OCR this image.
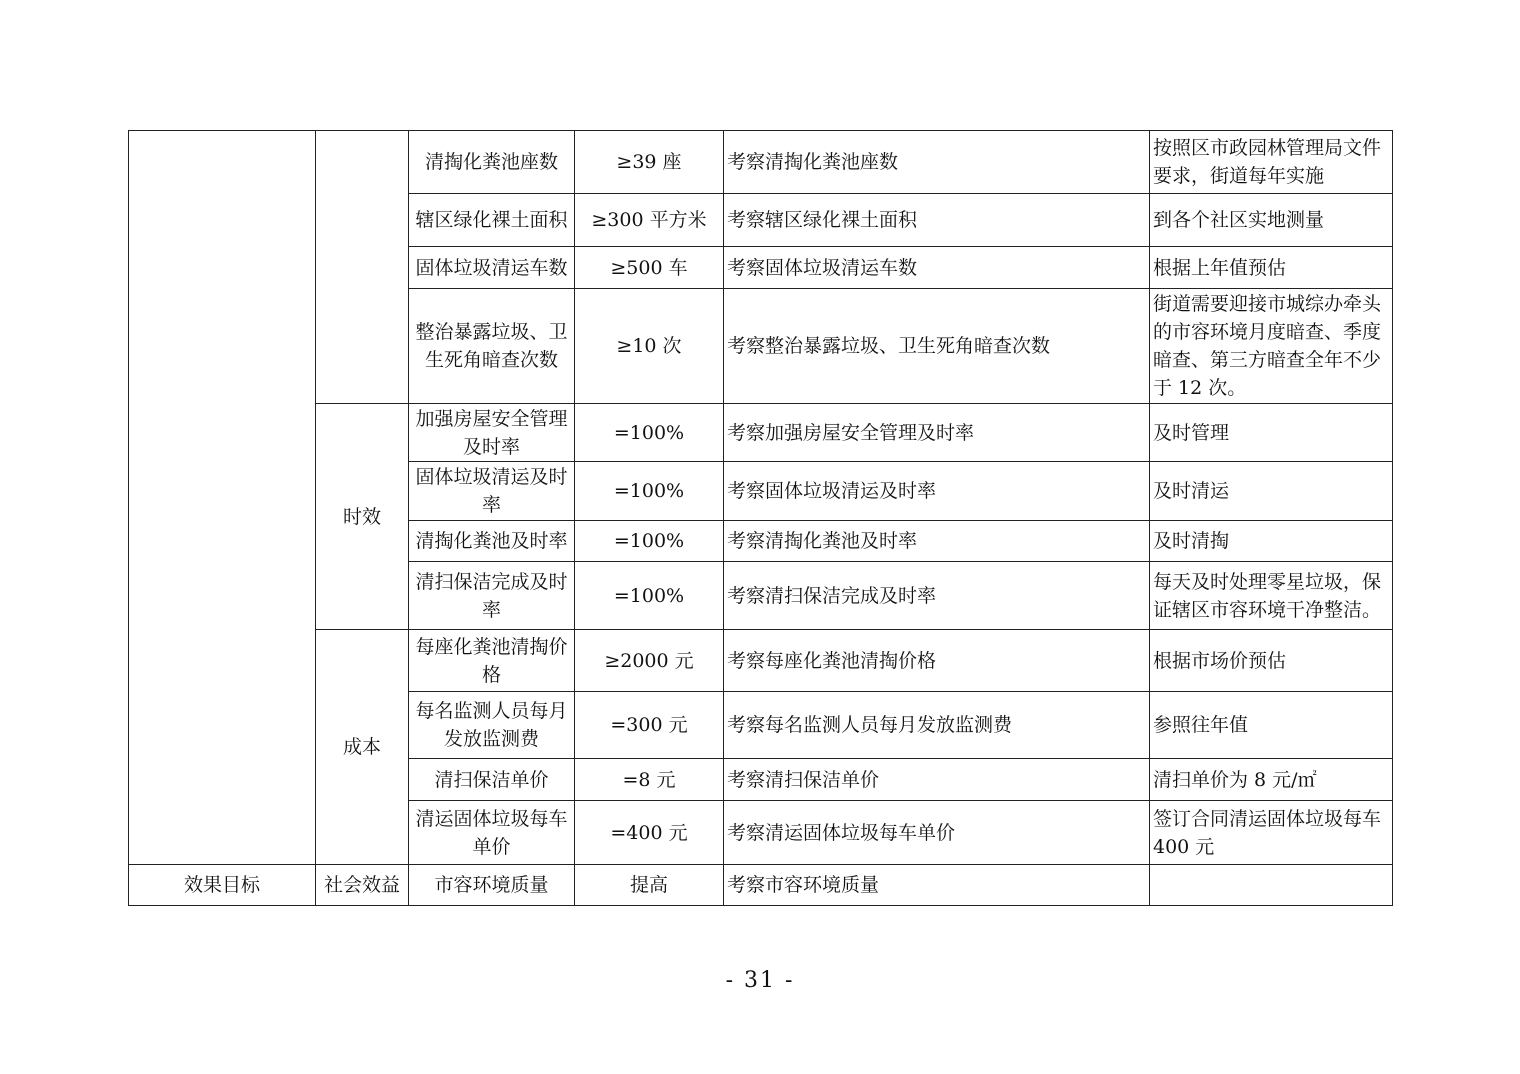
		清掏化粪池座数	≥39 座	考察清掏化粪池座数	按照区市政园林管理局文件要求，街道每年实施
		辖区绿化裸土面积	≥300 平方米	考察辖区绿化裸土面积	到各个社区实地测量
		固体垃圾清运车数	≥500 车	考察固体垃圾清运车数	根据上年值预估
		整治暴露垃圾、卫生死角暗查次数	≥10 次	考察整治暴露垃圾、卫生死角暗查次数	街道需要迎接市城综办牵头的市容环境月度暗查、季度暗查、第三方暗查全年不少于 12 次。
	时效	加强房屋安全管理及时率	=100%	考察加强房屋安全管理及时率	及时管理
		固体垃圾清运及时率	=100%	考察固体垃圾清运及时率	及时清运
		清掏化粪池及时率	=100%	考察清掏化粪池及时率	及时清掏
		清扫保洁完成及时率	=100%	考察清扫保洁完成及时率	每天及时处理零星垃圾，保证辖区市容环境干净整洁。
	成本	每座化粪池清掏价格	≥2000 元	考察每座化粪池清掏价格	根据市场价预估
		每名监测人员每月发放监测费	=300 元	考察每名监测人员每月发放监测费	参照往年值
		清扫保洁单价	=8 元	考察清扫保洁单价	清扫单价为 8 元/㎡
		清运固体垃圾每车单价	=400 元	考察清运固体垃圾每车单价	签订合同清运固体垃圾每车 400 元
效果目标	社会效益	市容环境质量	提高	考察市容环境质量	
- 31 -
